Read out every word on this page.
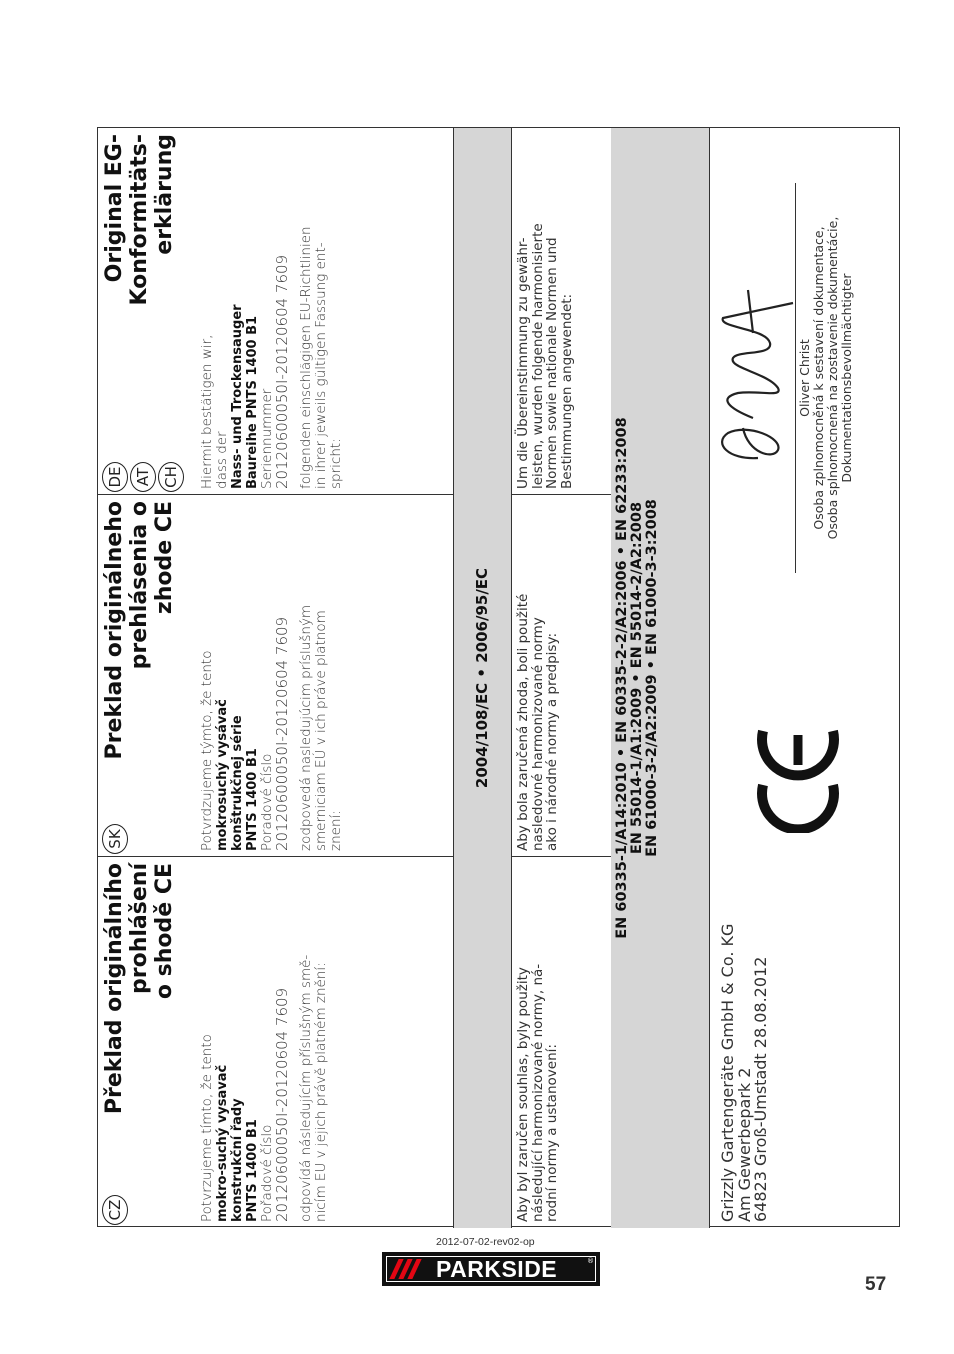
CZ
Překlad originálního prohlášení o shodě CE
Potvrzujeme tímto, že tento mokro-suchý vysavač konstrukční řady PNTS 1400 B1 Pořadové číslo
20120600050I-20120604 7609 odpovídá následujícím příslušným smě- nicím EU v jejich právě platném znění:	Aby byl zaručen souhlas, byly použity
následující harmonizované normy, ná-
rodní normy a ustanovení:
SK
Preklad originálneho prehlásenia o zhode CE
Potvrdzujeme týmto, že tento mokrosuchý vysávač konštrukčnej série PNTS 1400 B1 Poradové číslo
20120600050I-20120604 7609 zodpovedá nasledujúcim príslušným smerniciam EÚ v ich práve platnom znení:	Aby bola zaručená zhoda, boli použité
nasledovné harmonizované normy
ako i národné normy a predpisy:
DE AT CH
Original EG- Konformitäts- erklärung
Hiermit bestätigen wir, dass der Nass- und Trockensauger Baureihe PNTS 1400 B1 Seriennummer
20120600050I-20120604 7609 folgenden einschlägigen EU-Richtlinien in ihrer jeweils gültigen Fassung ent- spricht:	Um die Übereinstimmung zu gewähr-
leisten, wurden folgende harmonisierte
Normen sowie nationale Normen und
Bestimmungen angewendet:
2004/108/EC • 2006/95/EC	EN 60335-1/A14:2010 • EN 60335-2-2/A2:2006 • EN 62233:2008 EN 55014-1/A1:2009 • EN 55014-2/A2:2008 EN 61000-3-2/A2:2009 • EN 61000-3-3:2008
Grizzly Gartengeräte GmbH & Co. KG
Am Gewerbepark 2
64823 Groß-Umstadt 28.08.2012
Oliver Christ Osoba zplnomocněná k sestavení dokumentace, Osoba splnomocnená na zostavenie dokumentácie, Dokumentationsbevollmächtigter
2012-07-02-rev02-op
PARKSIDE	®
57
